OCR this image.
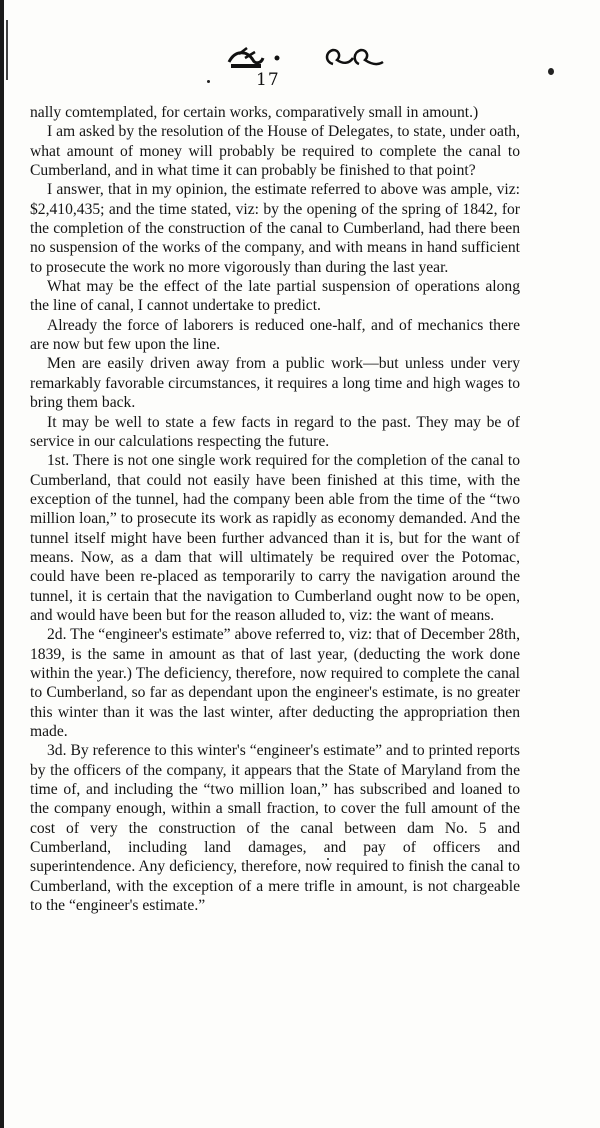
17

nally comtemplated, for certain works, comparatively small in amount.)

I am asked by the resolution of the House of Delegates, to state, under oath, what amount of money will probably be required to complete the canal to Cumberland, and in what time it can probably be finished to that point?

I answer, that in my opinion, the estimate referred to above was ample, viz: $2,410,435; and the time stated, viz: by the opening of the spring of 1842, for the completion of the construction of the canal to Cumberland, had there been no suspension of the works of the company, and with means in hand sufficient to prosecute the work no more vigorously than during the last year.

What may be the effect of the late partial suspension of operations along the line of canal, I cannot undertake to predict.

Already the force of laborers is reduced one-half, and of mechanics there are now but few upon the line.

Men are easily driven away from a public work—but unless under very remarkably favorable circumstances, it requires a long time and high wages to bring them back.

It may be well to state a few facts in regard to the past. They may be of service in our calculations respecting the future.

1st. There is not one single work required for the completion of the canal to Cumberland, that could not easily have been finished at this time, with the exception of the tunnel, had the company been able from the time of the “two million loan,” to prosecute its work as rapidly as economy demanded. And the tunnel itself might have been further advanced than it is, but for the want of means. Now, as a dam that will ultimately be required over the Potomac, could have been re-placed as temporarily to carry the navigation around the tunnel, it is certain that the navigation to Cumberland ought now to be open, and would have been but for the reason alluded to, viz: the want of means.

2d. The “engineer's estimate” above referred to, viz: that of December 28th, 1839, is the same in amount as that of last year, (deducting the work done within the year.) The deficiency, therefore, now required to complete the canal to Cumberland, so far as dependant upon the engineer's estimate, is no greater this winter than it was the last winter, after deducting the appropriation then made.

3d. By reference to this winter's “engineer's estimate” and to printed reports by the officers of the company, it appears that the State of Maryland from the time of, and including the “two million loan,” has subscribed and loaned to the company enough, within a small fraction, to cover the full amount of the cost of very the construction of the canal between dam No. 5 and Cumberland, including land damages, and pay of officers and superintendence. Any deficiency, therefore, now required to finish the canal to Cumberland, with the exception of a mere trifle in amount, is not chargeable to the “engineer's estimate.”
